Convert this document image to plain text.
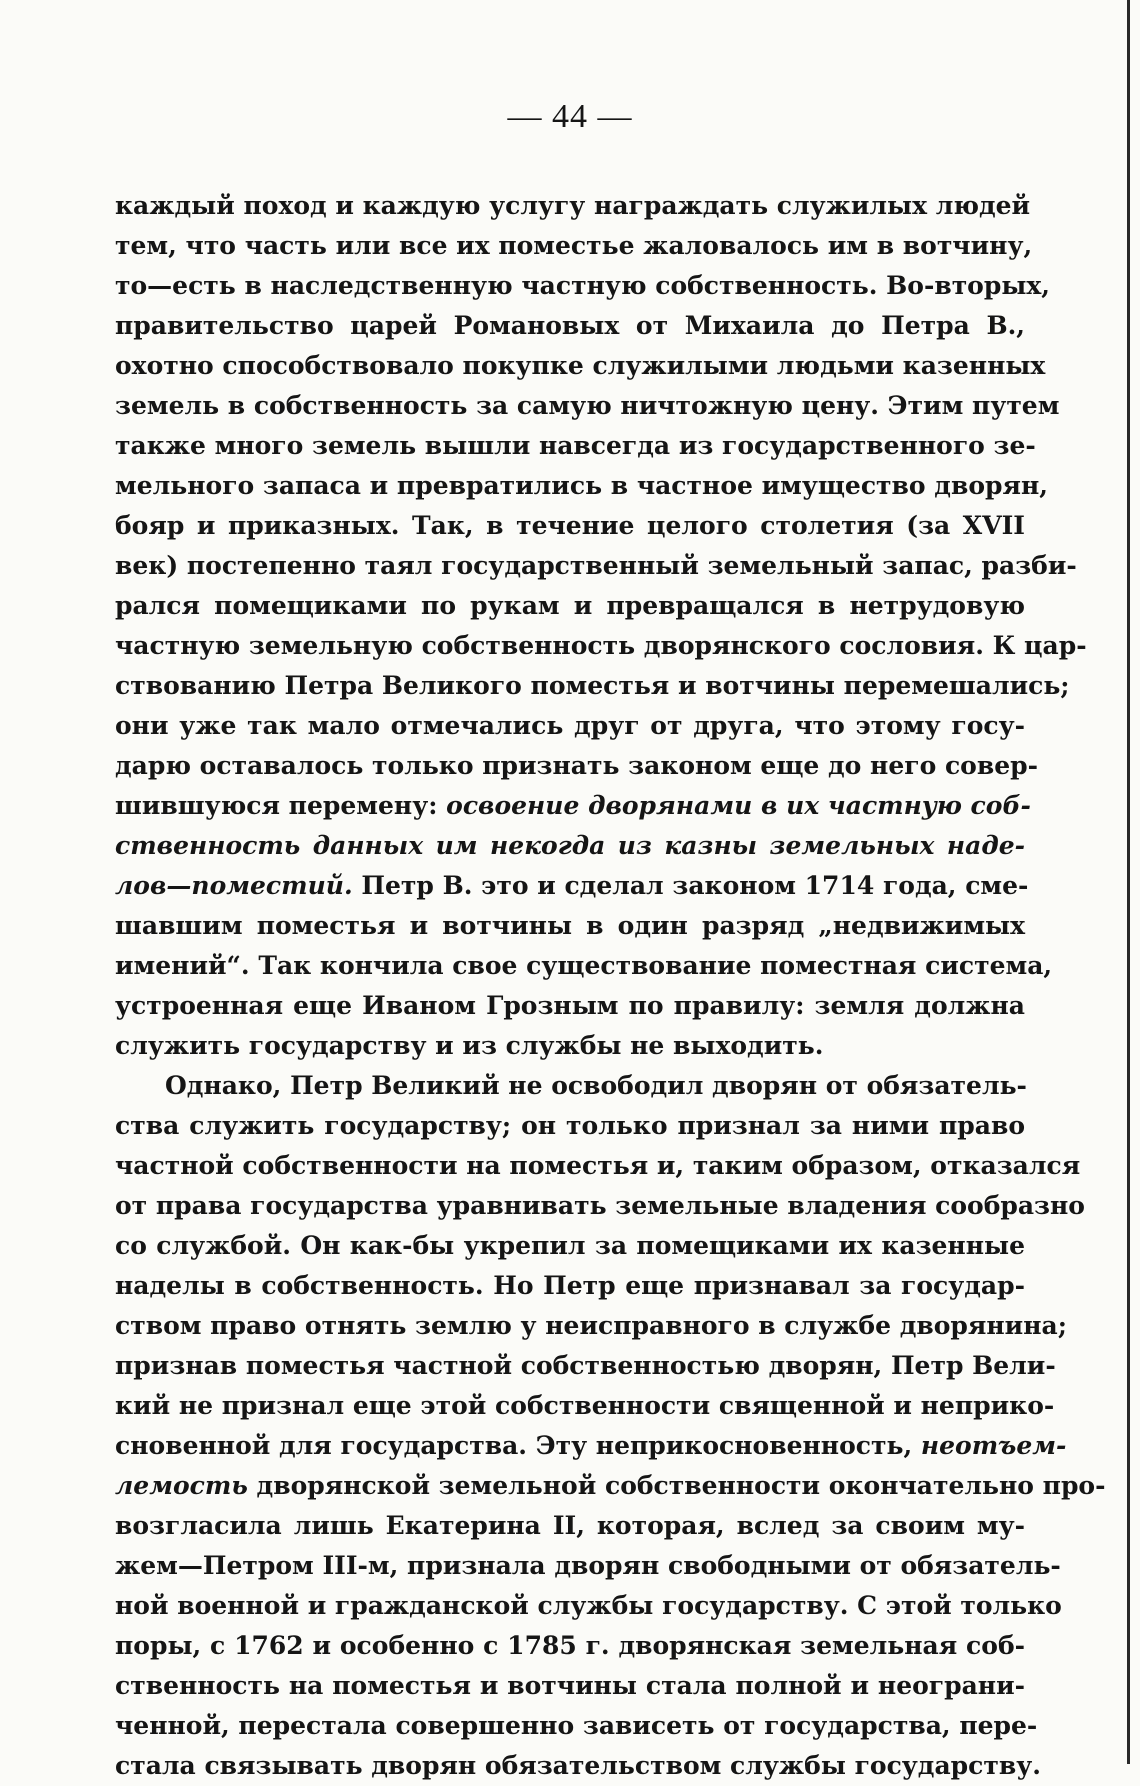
— 44 —
каждый поход и каждую услугу награждать служилых людей
тем, что часть или все их поместье жаловалось им в вотчину,
то—есть в наследственную частную собственность. Во-вторых,
правительство царей Романовых от Михаила до Петра В.,
охотно способствовало покупке служилыми людьми казенных
земель в собственность за самую ничтожную цену. Этим путем
также много земель вышли навсегда из государственного зе-
мельного запаса и превратились в частное имущество дворян,
бояр и приказных. Так, в течение целого столетия (за XVII
век) постепенно таял государственный земельный запас, разби-
рался помещиками по рукам и превращался в нетрудовую
частную земельную собственность дворянского сословия. К цар-
ствованию Петра Великого поместья и вотчины перемешались;
они уже так мало отмечались друг от друга, что этому госу-
дарю оставалось только признать законом еще до него совер-
шившуюся перемену: освоение дворянами в их частную соб-
ственность данных им некогда из казны земельных наде-
лов—поместий. Петр В. это и сделал законом 1714 года, сме-
шавшим поместья и вотчины в один разряд „недвижимых
имений“. Так кончила свое существование поместная система,
устроенная еще Иваном Грозным по правилу: земля должна
служить государству и из службы не выходить.
Однако, Петр Великий не освободил дворян от обязатель-
ства служить государству; он только признал за ними право
частной собственности на поместья и, таким образом, отказался
от права государства уравнивать земельные владения сообразно
со службой. Он как-бы укрепил за помещиками их казенные
наделы в собственность. Но Петр еще признавал за государ-
ством право отнять землю у неисправного в службе дворянина;
признав поместья частной собственностью дворян, Петр Вели-
кий не признал еще этой собственности священной и неприко-
сновенной для государства. Эту неприкосновенность, неотъем-
лемость дворянской земельной собственности окончательно про-
возгласила лишь Екатерина II, которая, вслед за своим му-
жем—Петром III-м, признала дворян свободными от обязатель-
ной военной и гражданской службы государству. С этой только
поры, с 1762 и особенно с 1785 г. дворянская земельная соб-
ственность на поместья и вотчины стала полной и неограни-
ченной, перестала совершенно зависеть от государства, пере-
стала связывать дворян обязательством службы государству.
